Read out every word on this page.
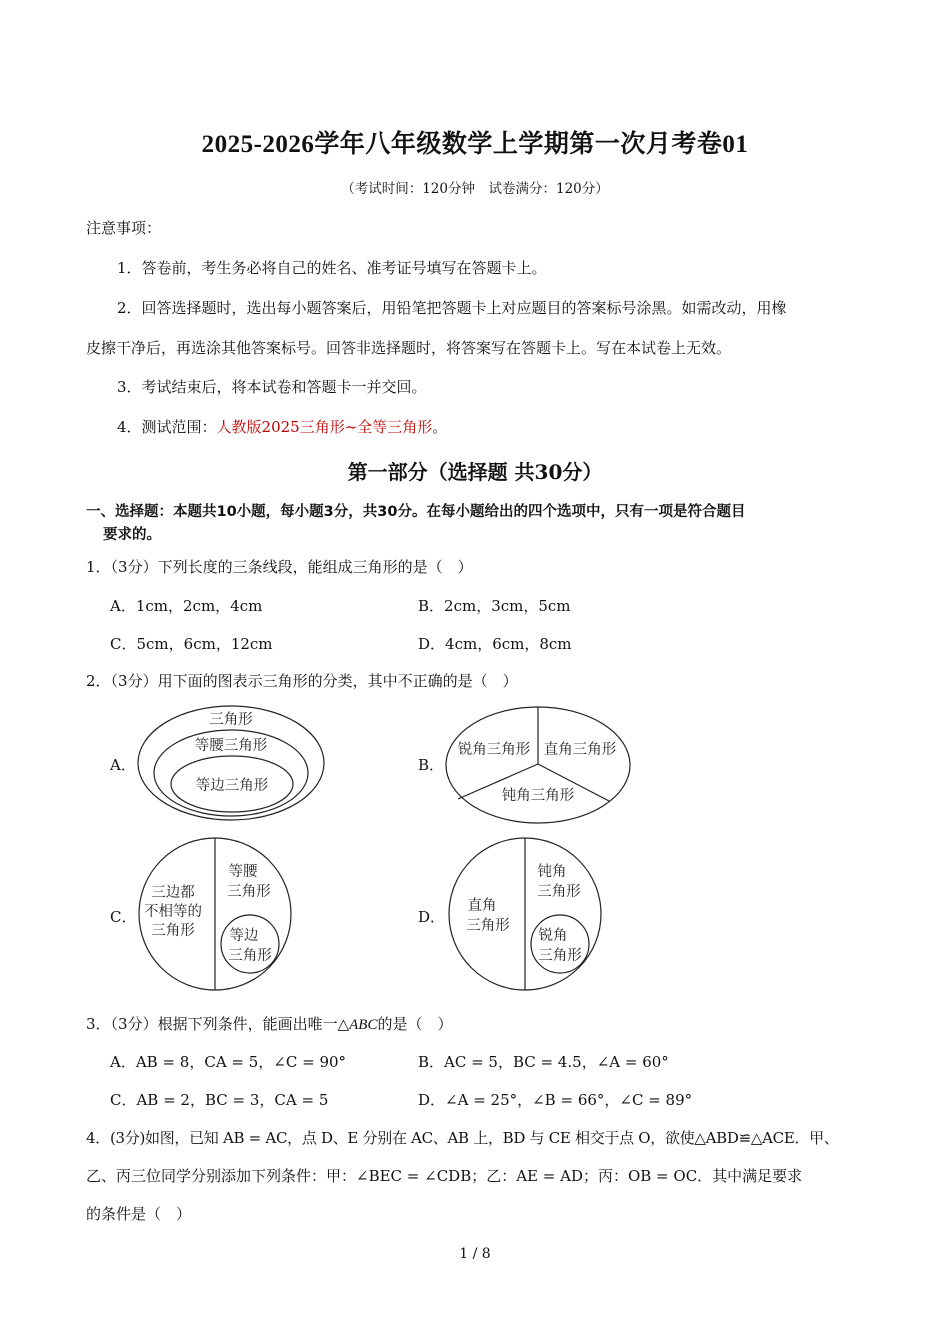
2025-2026学年八年级数学上学期第一次月考卷01
（考试时间：120分钟　试卷满分：120分）
注意事项：
1．答卷前，考生务必将自己的姓名、准考证号填写在答题卡上。
2．回答选择题时，选出每小题答案后，用铅笔把答题卡上对应题目的答案标号涂黑。如需改动，用橡
皮擦干净后，再选涂其他答案标号。回答非选择题时，将答案写在答题卡上。写在本试卷上无效。
3．考试结束后，将本试卷和答题卡一并交回。
4．测试范围：人教版2025三角形~全等三角形。
第一部分（选择题 共30分）
一、选择题：本题共10小题，每小题3分，共30分。在每小题给出的四个选项中，只有一项是符合题目
要求的。
1．（3分）下列长度的三条线段，能组成三角形的是（　）
A．1cm，2cm，4cm	B．2cm，3cm，5cm
C．5cm，6cm，12cm	D．4cm，6cm，8cm
2．（3分）用下面的图表示三角形的分类，其中不正确的是（　）
A．
三角形
等腰三角形
等边三角形
B．
锐角三角形 直角三角形
钝角三角形
C．
三边都
不相等的
三角形
等腰
三角形
等边
三角形
D．
直角
三角形
钝角
三角形
锐角
三角形
3．（3分）根据下列条件，能画出唯一△ABC的是（　）
A．AB = 8，CA = 5，∠C = 90°	B．AC = 5，BC = 4.5，∠A = 60°
C．AB = 2，BC = 3，CA = 5	D．∠A = 25°，∠B = 66°，∠C = 89°
4．(3分)如图，已知 AB = AC，点 D、E 分别在 AC、AB 上，BD 与 CE 相交于点 O，欲使△ABD≌△ACE．甲、
乙、丙三位同学分别添加下列条件：甲：∠BEC = ∠CDB；乙：AE = AD；丙：OB = OC．其中满足要求
的条件是（　）
1 / 8
